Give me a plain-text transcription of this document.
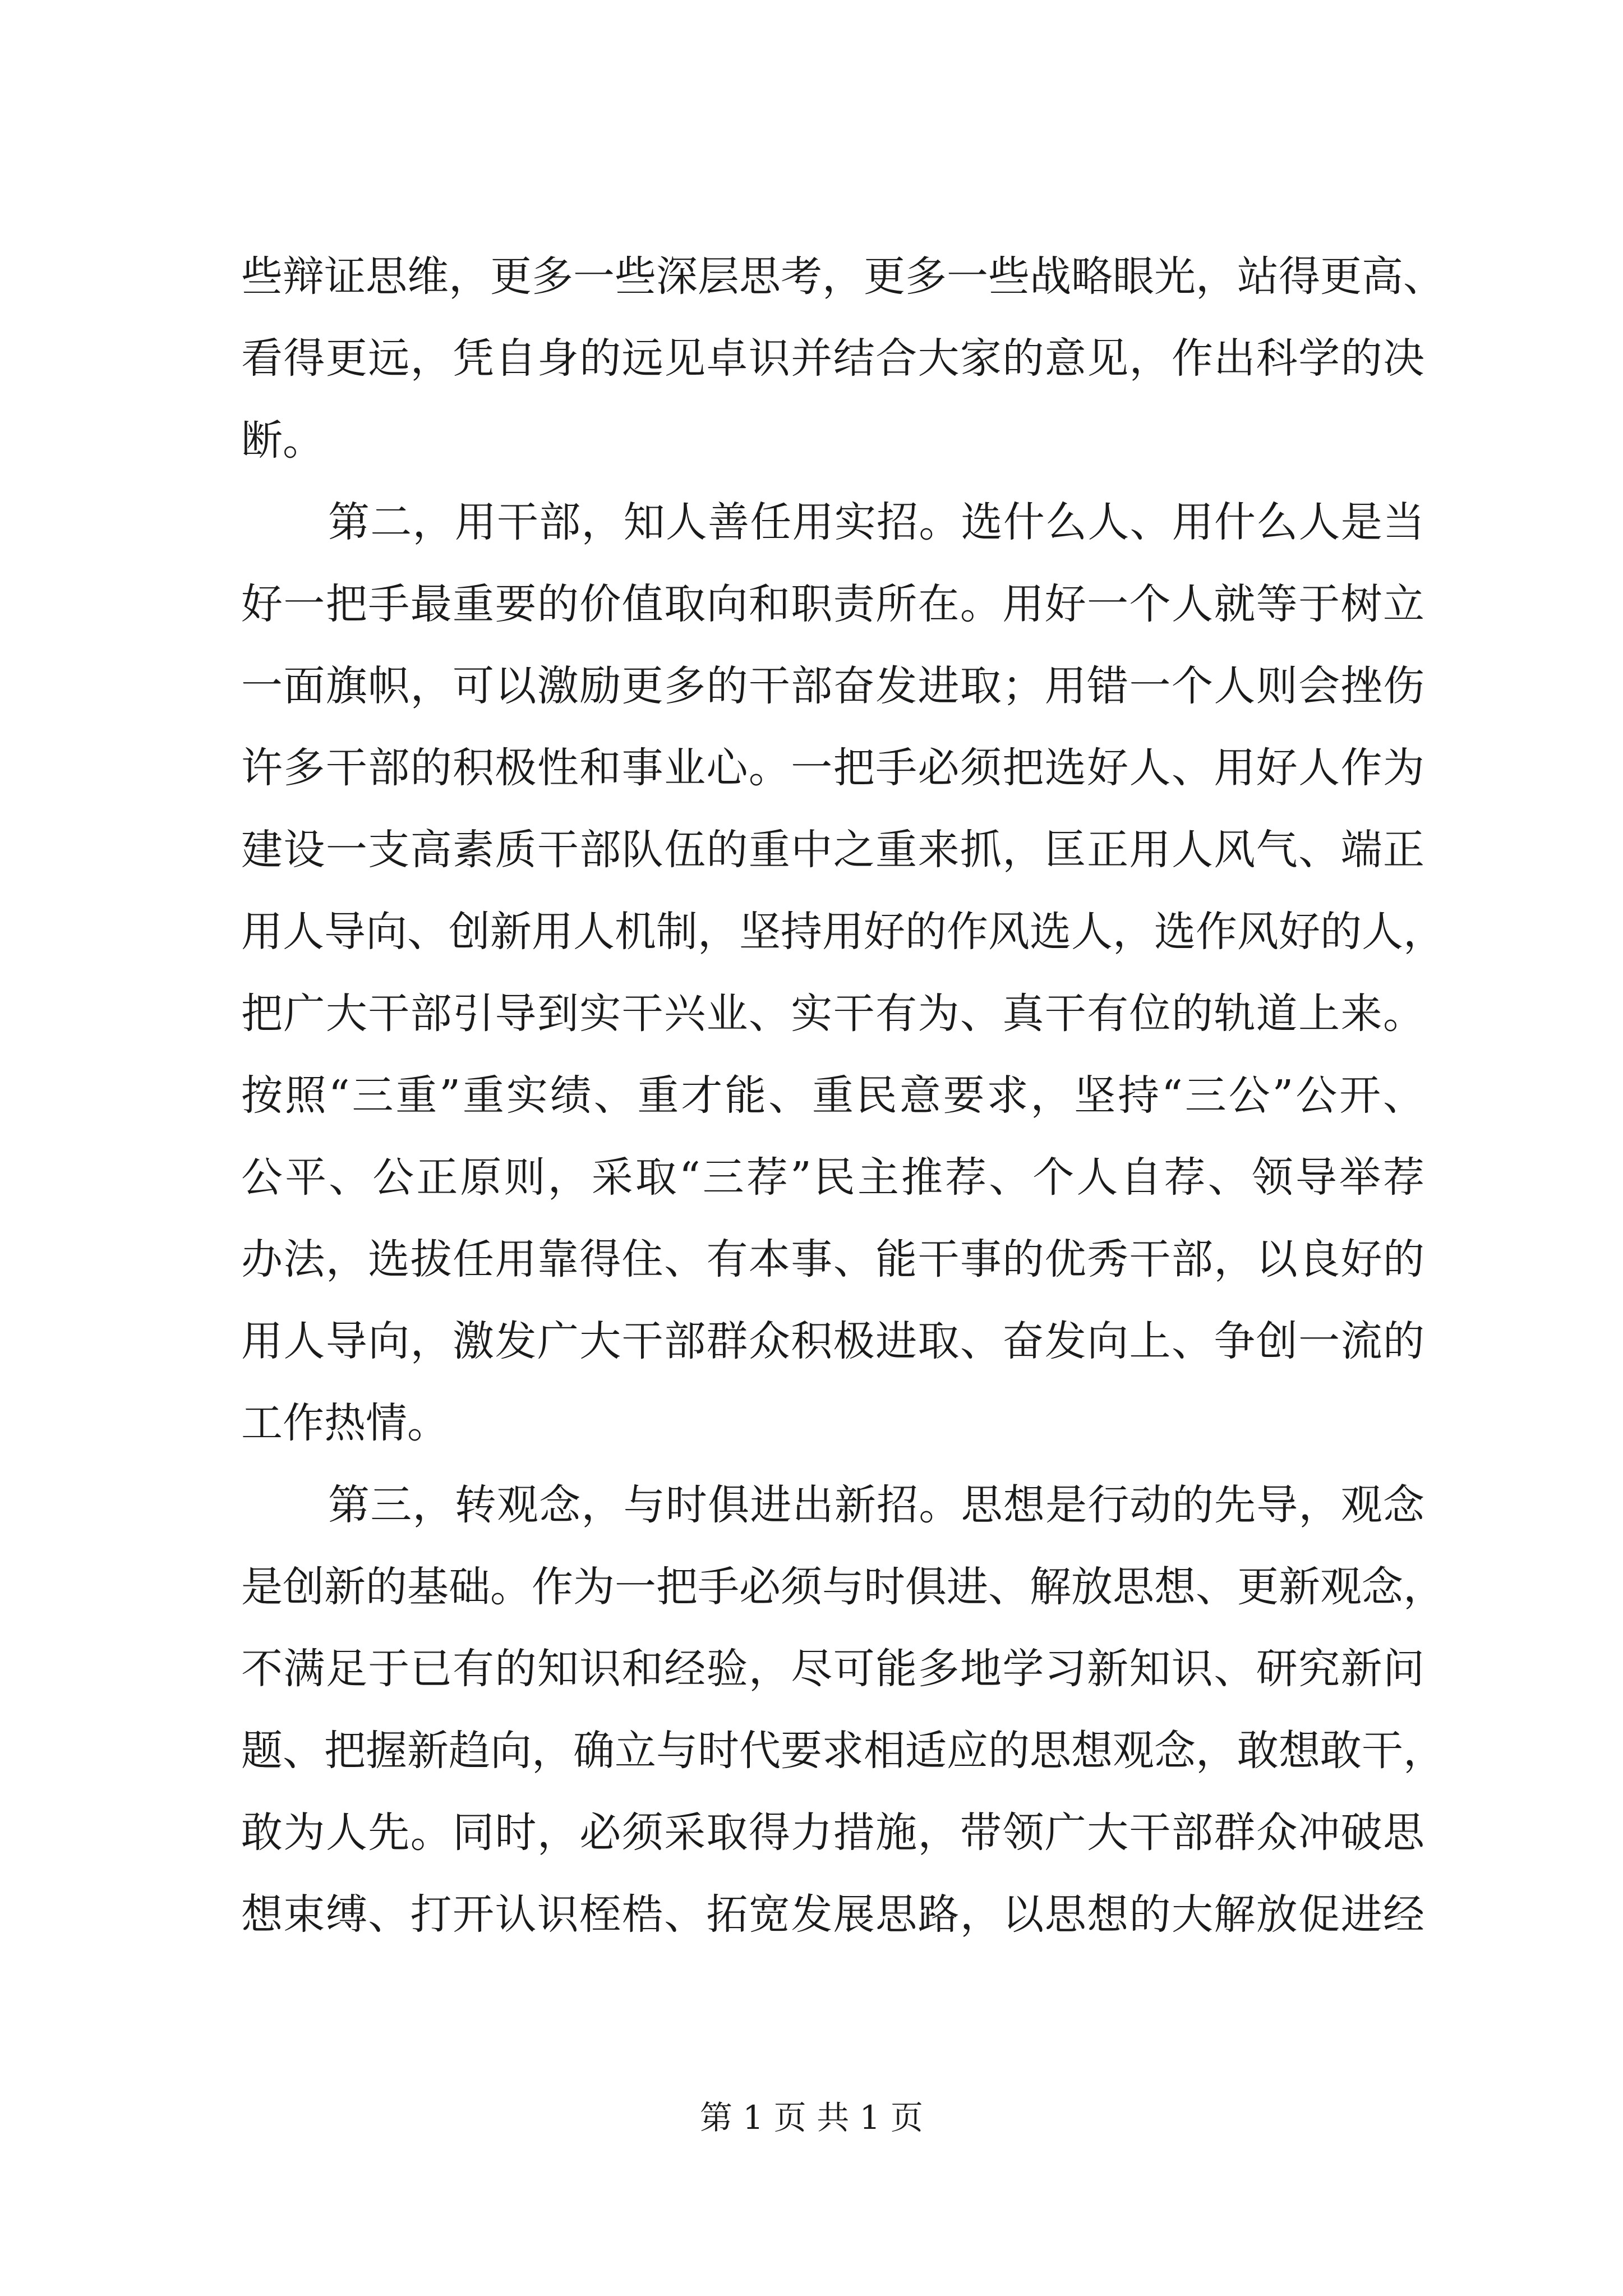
些辩证思维，更多一些深层思考，更多一些战略眼光，站得更高、
看得更远，凭自身的远见卓识并结合大家的意见，作出科学的决
断。
第二，用干部，知人善任用实招。选什么人、用什么人是当
好一把手最重要的价值取向和职责所在。用好一个人就等于树立
一面旗帜，可以激励更多的干部奋发进取；用错一个人则会挫伤
许多干部的积极性和事业心。一把手必须把选好人、用好人作为
建设一支高素质干部队伍的重中之重来抓，匡正用人风气、端正
用人导向、创新用人机制，坚持用好的作风选人，选作风好的人，
把广大干部引导到实干兴业、实干有为、真干有位的轨道上来。
按照“三重”重实绩、重才能、重民意要求，坚持“三公”公开、
公平、公正原则，采取“三荐”民主推荐、个人自荐、领导举荐
办法，选拔任用靠得住、有本事、能干事的优秀干部，以良好的
用人导向，激发广大干部群众积极进取、奋发向上、争创一流的
工作热情。
第三，转观念，与时俱进出新招。思想是行动的先导，观念
是创新的基础。作为一把手必须与时俱进、解放思想、更新观念，
不满足于已有的知识和经验，尽可能多地学习新知识、研究新问
题、把握新趋向，确立与时代要求相适应的思想观念，敢想敢干，
敢为人先。同时，必须采取得力措施，带领广大干部群众冲破思
想束缚、打开认识桎梏、拓宽发展思路，以思想的大解放促进经
第 1 页 共 1 页
